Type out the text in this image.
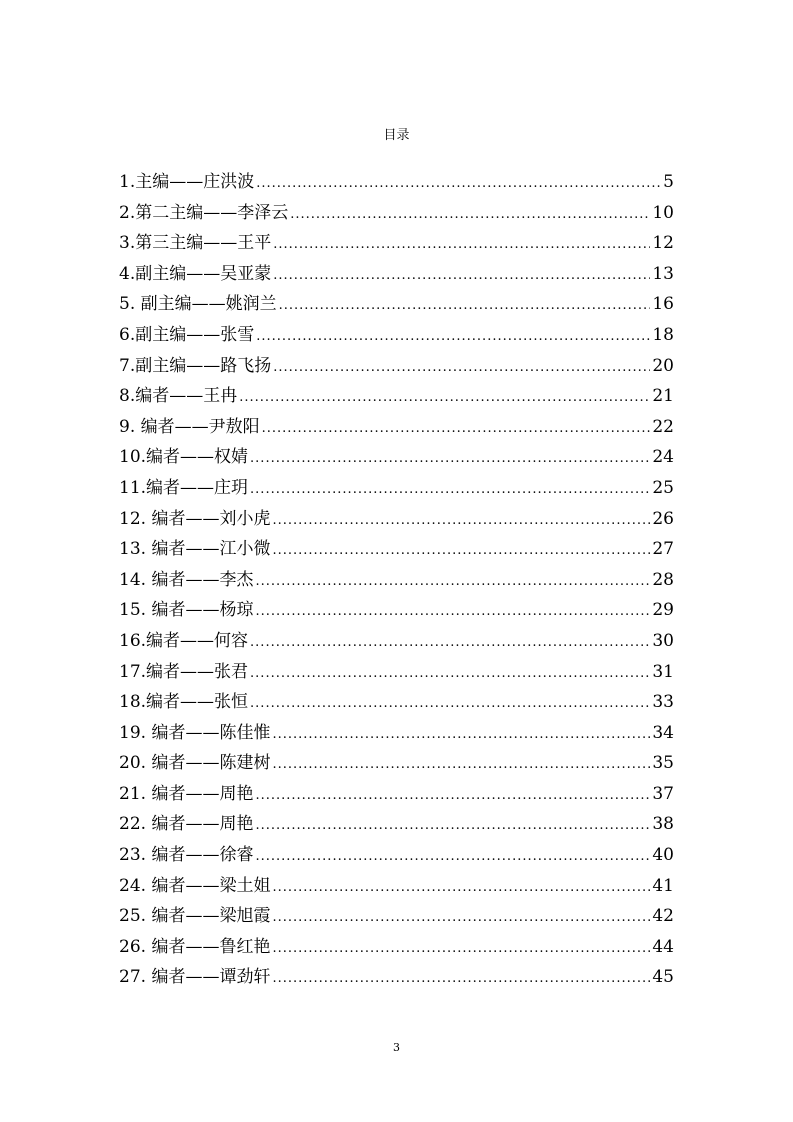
目录
1.主编——庄洪波 .....	5
2.第二主编——李泽云 .....	10
3.第三主编——王平 .....	12
4.副主编——吴亚蒙 .....	13
5. 副主编——姚润兰 .....	16
6.副主编——张雪 .....	18
7.副主编——路飞扬 .....	20
8.编者——王冉 .....	21
9. 编者——尹敖阳 .....	22
10.编者——权婧 .....	24
11.编者——庄玥 .....	25
12. 编者——刘小虎 .....	26
13. 编者——江小微 .....	27
14. 编者——李杰 .....	28
15. 编者——杨琼 .....	29
16.编者——何容 .....	30
17.编者——张君 .....	31
18.编者——张恒 .....	33
19. 编者——陈佳惟 .....	34
20. 编者——陈建树 .....	35
21. 编者——周艳 .....	37
22. 编者——周艳 .....	38
23. 编者——徐睿 .....	40
24. 编者——梁土姐 .....	41
25. 编者——梁旭霞 .....	42
26. 编者——鲁红艳 .....	44
27. 编者——谭劲轩 .....	45
3
